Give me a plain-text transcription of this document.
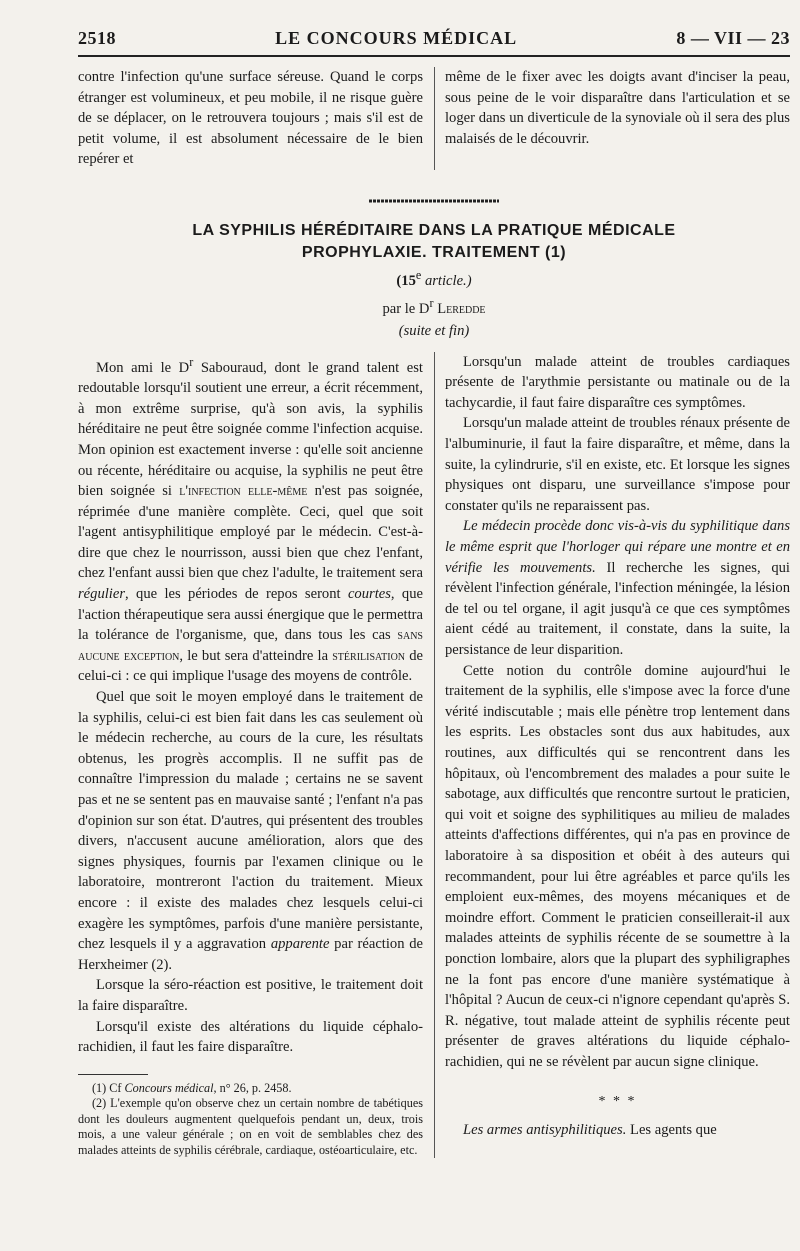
2518	LE CONCOURS MÉDICAL	8 — VII — 23

contre l'infection qu'une surface séreuse. Quand le corps étranger est volumineux, et peu mobile, il ne risque guère de se déplacer, on le retrouvera toujours ; mais s'il est de petit volume, il est absolument nécessaire de le bien repérer et

même de le fixer avec les doigts avant d'inciser la peau, sous peine de le voir disparaître dans l'articulation et se loger dans un diverticule de la synoviale où il sera des plus malaisés de le découvrir.

LA SYPHILIS HÉRÉDITAIRE DANS LA PRATIQUE MÉDICALE
PROPHYLAXIE. TRAITEMENT (1)
(15e article.)
par le $D^r$ Leredde
(suite et fin)

Mon ami le $D^r$ Sabouraud, dont le grand talent est redoutable lorsqu'il soutient une erreur, a écrit récemment, à mon extrême surprise, qu'à son avis, la syphilis héréditaire ne peut être soignée comme l'infection acquise. Mon opinion est exactement inverse : qu'elle soit ancienne ou récente, héréditaire ou acquise, la syphilis ne peut être bien soignée si l'infection elle-même n'est pas soignée, réprimée d'une manière complète. Ceci, quel que soit l'agent antisyphilitique employé par le médecin. C'est-à-dire que chez le nourrisson, aussi bien que chez l'enfant, chez l'enfant aussi bien que chez l'adulte, le traitement sera régulier, que les périodes de repos seront courtes, que l'action thérapeutique sera aussi énergique que le permettra la tolérance de l'organisme, que, dans tous les cas sans aucune exception, le but sera d'atteindre la stérilisation de celui-ci : ce qui implique l'usage des moyens de contrôle.

Quel que soit le moyen employé dans le traitement de la syphilis, celui-ci est bien fait dans les cas seulement où le médecin recherche, au cours de la cure, les résultats obtenus, les progrès accomplis. Il ne suffit pas de connaître l'impression du malade ; certains ne se savent pas et ne se sentent pas en mauvaise santé ; l'enfant n'a pas d'opinion sur son état. D'autres, qui présentent des troubles divers, n'accusent aucune amélioration, alors que des signes physiques, fournis par l'examen clinique ou le laboratoire, montreront l'action du traitement. Mieux encore : il existe des malades chez lesquels celui-ci exagère les symptômes, parfois d'une manière persistante, chez lesquels il y a aggravation apparente par réaction de Herxheimer (2).

Lorsque la séro-réaction est positive, le traitement doit la faire disparaître.

Lorsqu'il existe des altérations du liquide céphalo-rachidien, il faut les faire disparaître.

(1) Cf Concours médical, n° 26, p. 2458.
(2) L'exemple qu'on observe chez un certain nombre de tabétiques dont les douleurs augmentent quelquefois pendant un, deux, trois mois, a une valeur générale ; on en voit de semblables chez des malades atteints de syphilis cérébrale, cardiaque, ostéoarticulaire, etc.

Lorsqu'un malade atteint de troubles cardiaques présente de l'arythmie persistante ou matinale ou de la tachycardie, il faut faire disparaître ces symptômes.

Lorsqu'un malade atteint de troubles rénaux présente de l'albuminurie, il faut la faire disparaître, et même, dans la suite, la cylindrurie, s'il en existe, etc. Et lorsque les signes physiques ont disparu, une surveillance s'impose pour constater qu'ils ne reparaissent pas.

Le médecin procède donc vis-à-vis du syphilitique dans le même esprit que l'horloger qui répare une montre et en vérifie les mouvements. Il recherche les signes, qui révèlent l'infection générale, l'infection méningée, la lésion de tel ou tel organe, il agit jusqu'à ce que ces symptômes aient cédé au traitement, il constate, dans la suite, la persistance de leur disparition.

Cette notion du contrôle domine aujourd'hui le traitement de la syphilis, elle s'impose avec la force d'une vérité indiscutable ; mais elle pénètre trop lentement dans les esprits. Les obstacles sont dus aux habitudes, aux routines, aux difficultés qui se rencontrent dans les hôpitaux, où l'encombrement des malades a pour suite le sabotage, aux difficultés que rencontre surtout le praticien, qui voit et soigne des syphilitiques au milieu de malades atteints d'affections différentes, qui n'a pas en province de laboratoire à sa disposition et obéit à des auteurs qui recommandent, pour lui être agréables et parce qu'ils les emploient eux-mêmes, des moyens mécaniques et de moindre effort. Comment le praticien conseillerait-il aux malades atteints de syphilis récente de se soumettre à la ponction lombaire, alors que la plupart des syphiligraphes ne la font pas encore d'une manière systématique à l'hôpital ? Aucun de ceux-ci n'ignore cependant qu'après S. R. négative, tout malade atteint de syphilis récente peut présenter de graves altérations du liquide céphalo-rachidien, qui ne se révèlent par aucun signe clinique.

* * *

Les armes antisyphilitiques. Les agents que
